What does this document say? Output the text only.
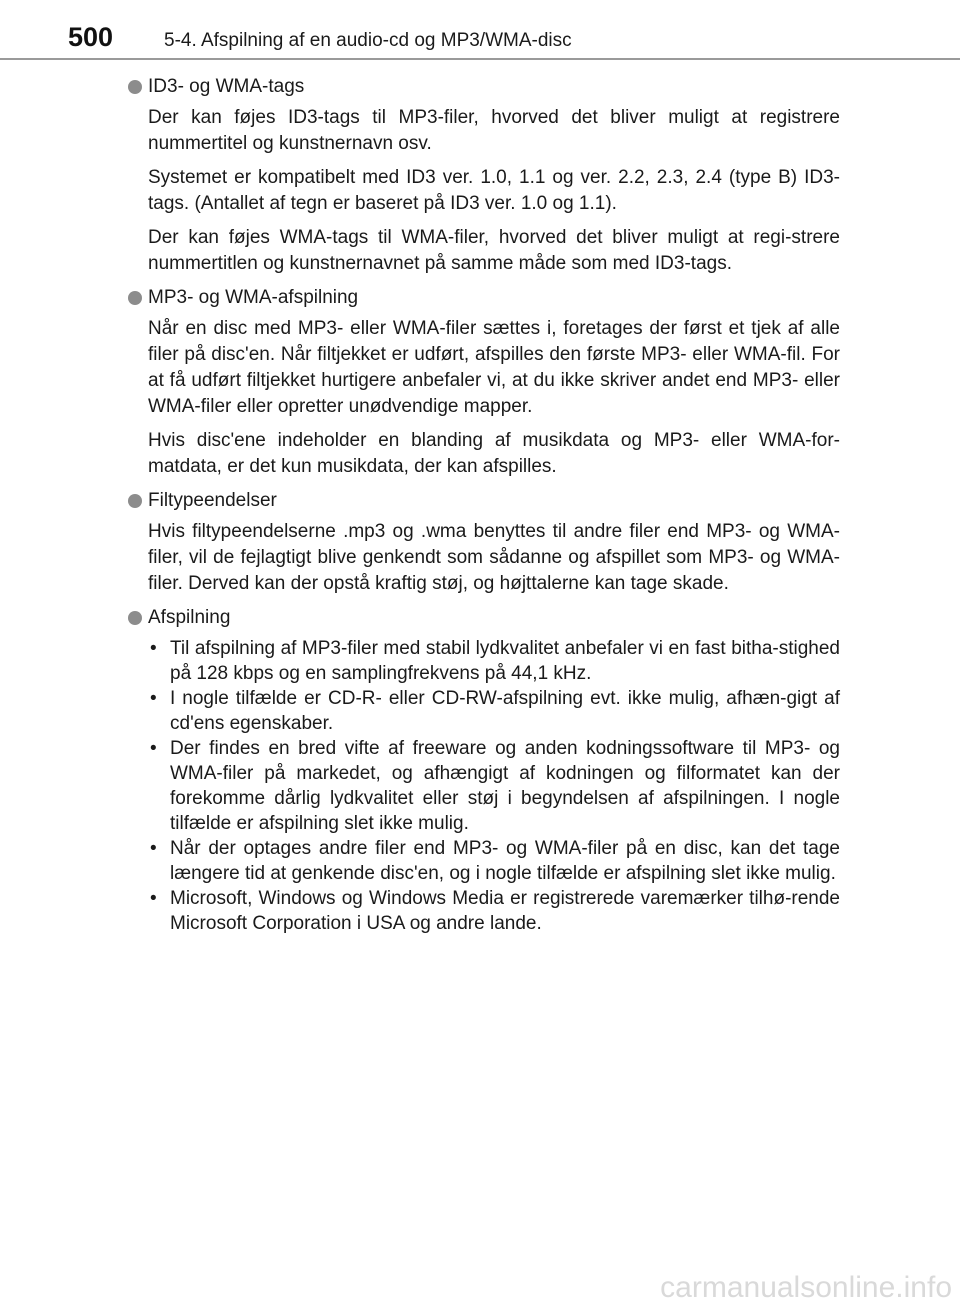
500	5-4. Afspilning af en audio-cd og MP3/WMA-disc
ID3- og WMA-tags

Der kan føjes ID3-tags til MP3-filer, hvorved det bliver muligt at registrere nummertitel og kunstnernavn osv.

Systemet er kompatibelt med ID3 ver. 1.0, 1.1 og ver. 2.2, 2.3, 2.4 (type B) ID3-tags. (Antallet af tegn er baseret på ID3 ver. 1.0 og 1.1).

Der kan føjes WMA-tags til WMA-filer, hvorved det bliver muligt at regi-strere nummertitlen og kunstnernavnet på samme måde som med ID3-tags.

MP3- og WMA-afspilning

Når en disc med MP3- eller WMA-filer sættes i, foretages der først et tjek af alle filer på disc'en. Når filtjekket er udført, afspilles den første MP3- eller WMA-fil. For at få udført filtjekket hurtigere anbefaler vi, at du ikke skriver andet end MP3- eller WMA-filer eller opretter unødvendige mapper.

Hvis disc'ene indeholder en blanding af musikdata og MP3- eller WMA-for-matdata, er det kun musikdata, der kan afspilles.

Filtypeendelser

Hvis filtypeendelserne .mp3 og .wma benyttes til andre filer end MP3- og WMA-filer, vil de fejlagtigt blive genkendt som sådanne og afspillet som MP3- og WMA-filer. Derved kan der opstå kraftig støj, og højttalerne kan tage skade.

Afspilning
• Til afspilning af MP3-filer med stabil lydkvalitet anbefaler vi en fast bitha-stighed på 128 kbps og en samplingfrekvens på 44,1 kHz.
• I nogle tilfælde er CD-R- eller CD-RW-afspilning evt. ikke mulig, afhæn-gigt af cd'ens egenskaber.
• Der findes en bred vifte af freeware og anden kodningssoftware til MP3- og WMA-filer på markedet, og afhængigt af kodningen og filformatet kan der forekomme dårlig lydkvalitet eller støj i begyndelsen af afspilningen. I nogle tilfælde er afspilning slet ikke mulig.
• Når der optages andre filer end MP3- og WMA-filer på en disc, kan det tage længere tid at genkende disc'en, og i nogle tilfælde er afspilning slet ikke mulig.
• Microsoft, Windows og Windows Media er registrerede varemærker tilhø-rende Microsoft Corporation i USA og andre lande.
carmanualsonline.info
